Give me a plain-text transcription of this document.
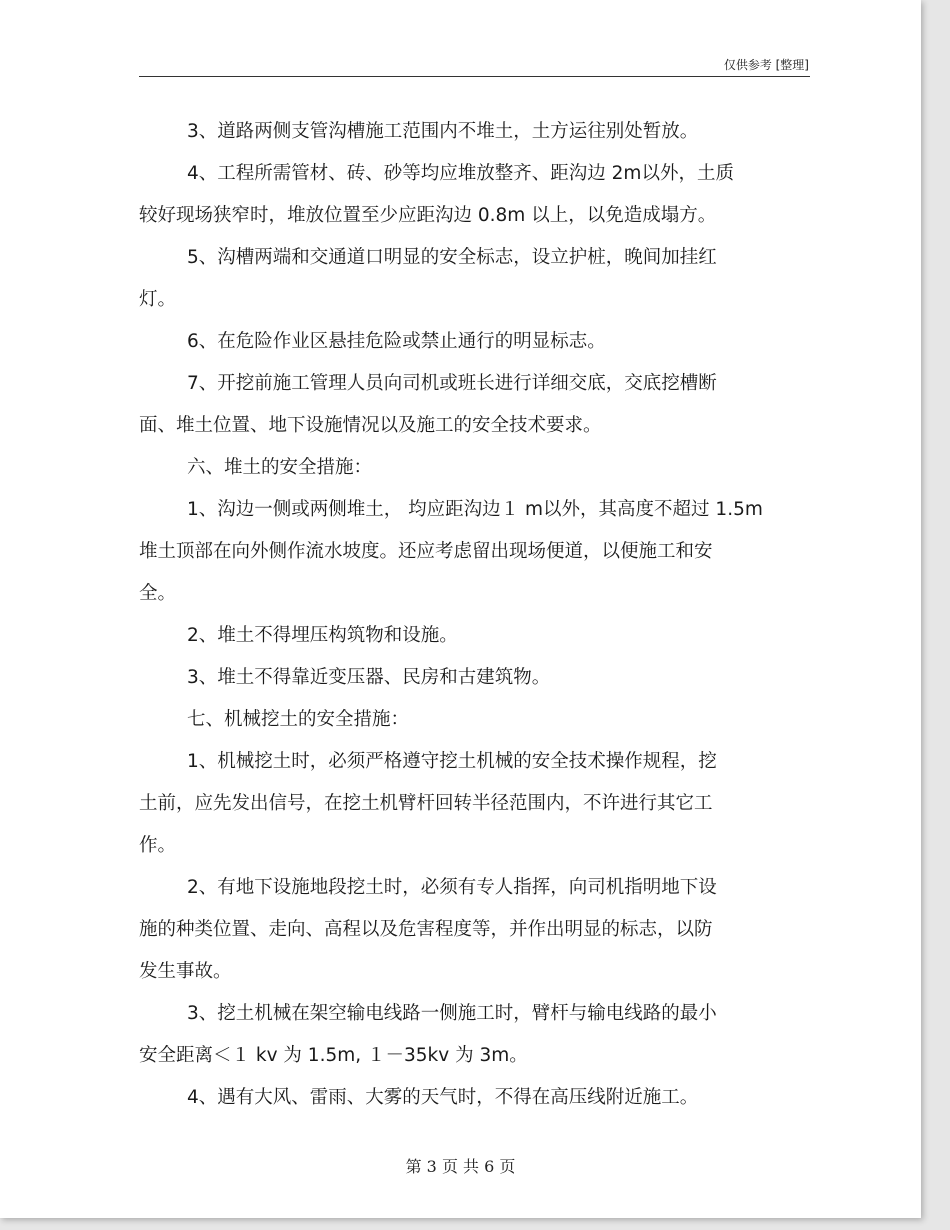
仅供参考 [整理]
3、道路两侧支管沟槽施工范围内不堆土，土方运往别处暂放。
4、工程所需管材、砖、砂等均应堆放整齐、距沟边 2m以外，土质
较好现场狭窄时，堆放位置至少应距沟边 0.8m 以上，以免造成塌方。
5、沟槽两端和交通道口明显的安全标志，设立护桩，晚间加挂红
灯。
6、在危险作业区悬挂危险或禁止通行的明显标志。
7、开挖前施工管理人员向司机或班长进行详细交底，交底挖槽断
面、堆土位置、地下设施情况以及施工的安全技术要求。
六、堆土的安全措施：
1、沟边一侧或两侧堆土， 均应距沟边１ m以外，其高度不超过 1.5m
堆土顶部在向外侧作流水坡度。还应考虑留出现场便道，以便施工和安
全。
2、堆土不得埋压构筑物和设施。
3、堆土不得靠近变压器、民房和古建筑物。
七、机械挖土的安全措施：
1、机械挖土时，必须严格遵守挖土机械的安全技术操作规程，挖
土前，应先发出信号，在挖土机臂杆回转半径范围内，不许进行其它工
作。
2、有地下设施地段挖土时，必须有专人指挥，向司机指明地下设
施的种类位置、走向、高程以及危害程度等，并作出明显的标志，以防
发生事故。
3、挖土机械在架空输电线路一侧施工时，臂杆与输电线路的最小
安全距离＜１ kv 为 1.5m, １－35kv 为 3m。
4、遇有大风、雷雨、大雾的天气时，不得在高压线附近施工。
第 3 页 共 6 页
